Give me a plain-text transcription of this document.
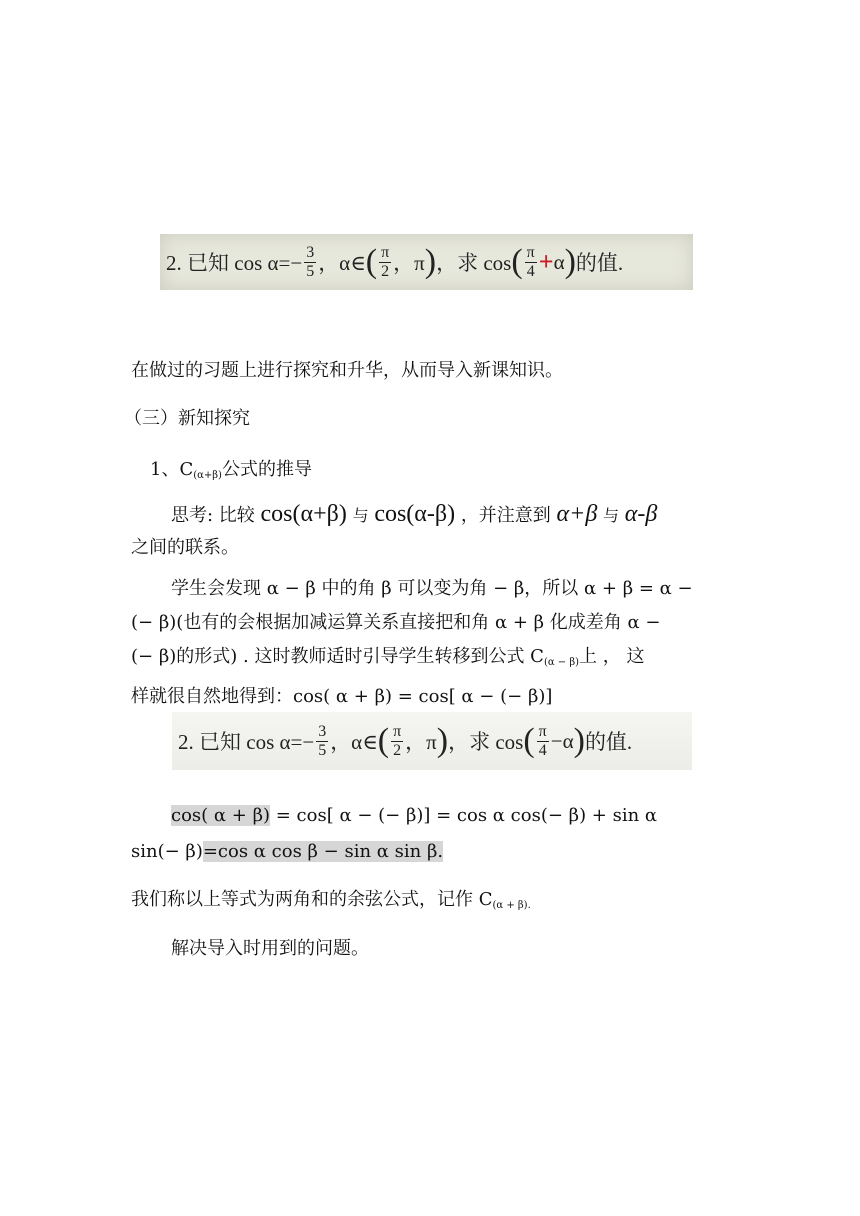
2. 已知 $\cos \alpha=- \frac{3}{5}$ ，α∈ ( $\frac{\pi}{2}$ ，π ) ，求 cos ( $\frac{\pi}{4} + \alpha$ ) 的值.
在做过的习题上进行探究和升华，从而导入新课知识。
（三）新知探究
1、$C_{(\alpha+\beta)}$公式的推导
思考: 比较 cos(α+β) 与 cos(α-β) ，并注意到 α+β 与 α-β
之间的联系。
学生会发现 α − β 中的角 β 可以变为角 − β，所以 α + β = α −
(− β)(也有的会根据加减运算关系直接把和角 α + β 化成差角 α −
(− β)的形式) . 这时教师适时引导学生转移到公式 $C_{(\alpha - \beta)}$上 ， 这
样就很自然地得到：cos( α + β) = cos[ α − (− β)]
2. 已知 $\cos \alpha=- \frac{3}{5}$ ，α∈ ( $\frac{\pi}{2}$ ，π ) ，求 cos ( $\frac{\pi}{4} -\alpha$ ) 的值.
cos( α + β) = cos[ α − (− β)] = cos α cos(− β) + sin α
sin(− β)=cos α cos β − sin α sin β.
我们称以上等式为两角和的余弦公式，记作 $C_{(\alpha + \beta).}$
解决导入时用到的问题。
